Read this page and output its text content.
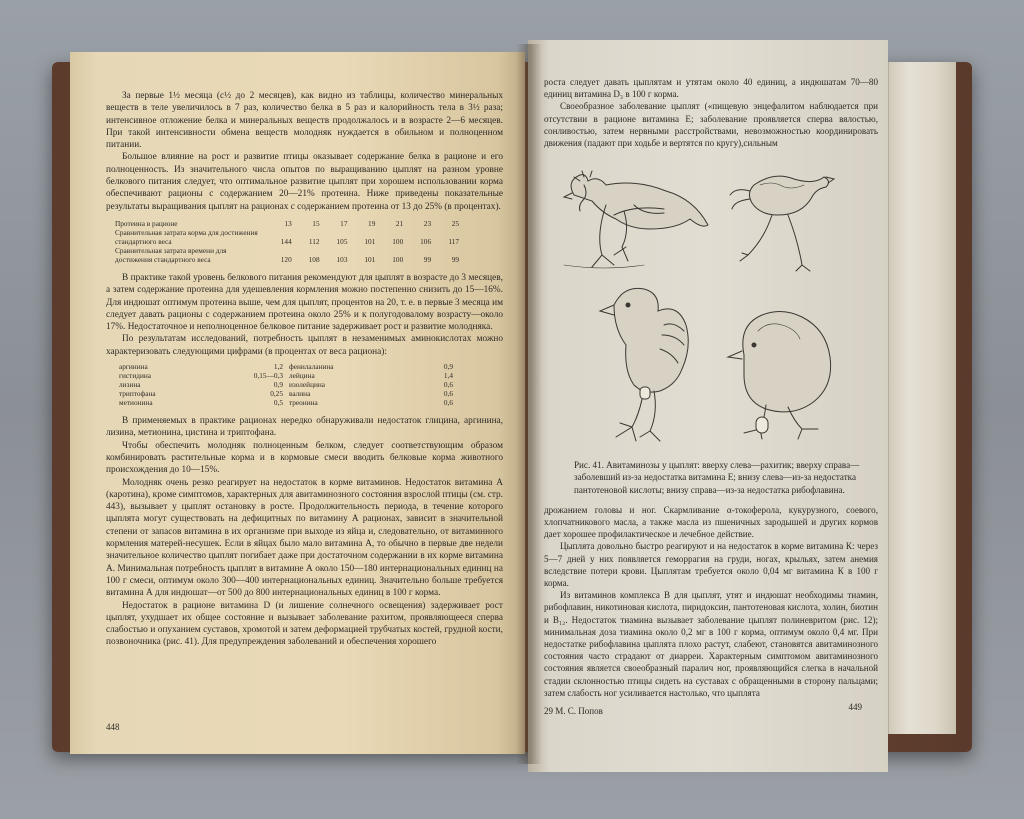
За первые 1½ месяца (с½ до 2 месяцев), как видно из таблицы, количество минеральных веществ в теле увеличилось в 7 раз, количество белка в 5 раз и калорийность тела в 3½ раза; интенсивное отложение белка и минеральных веществ продолжалось и в возрасте 2—6 месяцев. При такой интенсивности обмена веществ молодняк нуждается в обильном и полноценном питании.

Большое влияние на рост и развитие птицы оказывает содержание белка в рационе и его полноценность. Из значительного числа опытов по выращиванию цыплят на разном уровне белкового питания следует, что оптимальное развитие цыплят при хорошем использовании корма обеспечивают рационы с содержанием 20—21% протеина. Ниже приведены показательные результаты выращивания цыплят на рационах с содержанием протеина от 13 до 25% (в процентах).

Протеина в рационе	13	15	17	19	21	23	25
Сравнительная затрата корма для достижения стандартного веса	144	112	105	101	100	106	117
Сравнительная затрата времени для достижения стандартного веса	120	108	103	101	100	99	99

В практике такой уровень белкового питания рекомендуют для цыплят в возрасте до 3 месяцев, а затем содержание протеина для удешевления кормления можно постепенно снизить до 15—16%. Для индюшат оптимум протеина выше, чем для цыплят, процентов на 20, т. е. в первые 3 месяца им следует давать рационы с содержанием протеина около 25% и к полугодовалому возрасту—около 17%. Недостаточное и неполноценное белковое питание задерживает рост и развитие молодняка.

По результатам исследований, потребность цыплят в незаменимых аминокислотах можно характеризовать следующими цифрами (в процентах от веса рациона):

аргинина	1,2	фенилаланина	0,9
гистидина	0,15—0,3	лейцина	1,4
лизина	0,9	изолейцина	0,6
триптофана	0,25	валина	0,6
метионина	0,5	треонина	0,6

В применяемых в практике рационах нередко обнаруживали недостаток глицина, аргинина, лизина, метионина, цистина и триптофана.

Чтобы обеспечить молодняк полноценным белком, следует соответствующим образом комбинировать растительные корма и в кормовые смеси вводить белковые корма животного происхождения до 10—15%.

Молодняк очень резко реагирует на недостаток в корме витаминов. Недостаток витамина А (каротина), кроме симптомов, характерных для авитаминозного состояния взрослой птицы (см. стр. 443), вызывает у цыплят остановку в росте. Продолжительность периода, в течение которого цыплята могут существовать на дефицитных по витамину А рационах, зависит в значительной степени от запасов витамина в их организме при выходе из яйца и, следовательно, от витаминного кормления матерей-несушек. Если в яйцах было мало витамина А, то обычно в первые две недели значительное количество цыплят погибает даже при достаточном содержании в их корме витамина А. Минимальная потребность цыплят в витамине А около 150—180 интернациональных единиц на 100 г смеси, оптимум около 300—400 интернациональных единиц. Значительно больше требуется витамина А для индюшат—от 500 до 800 интернациональных единиц в 100 г корма.

Недостаток в рационе витамина D (и лишение солнечного освещения) задерживает рост цыплят, ухудшает их общее состояние и вызывает заболевание рахитом, проявляющееся сперва слабостью и опуханием суставов, хромотой и затем деформацией трубчатых костей, грудной кости, позвоночника (рис. 41). Для предупреждения заболеваний и обеспечения хорошего

448

роста следует давать цыплятам и утятам около 40 единиц, а индюшатам 70—80 единиц витамина D₃ в 100 г корма.

Своеобразное заболевание цыплят («пищевую энцефалитом наблюдается при отсутствии в рационе витамина Е; заболевание проявляется сперва вялостью, сонливостью, затем нервными расстройствами, невозможностью координировать движения (падают при ходьбе и вертятся по кругу),сильным

Рис. 41. Авитаминозы у цыплят: вверху слева—рахитик; вверху справа—заболевший из-за недостатка витамина Е; внизу слева—из-за недостатка пантотеновой кислоты; внизу справа—из-за недостатка рибофлавина.

дрожанием головы и ног. Скармливание α-токоферола, кукурузного, соевого, хлопчатникового масла, а также масла из пшеничных зародышей и других кормов дает хорошее профилактическое и лечебное действие.

Цыплята довольно быстро реагируют и на недостаток в корме витамина К: через 5—7 дней у них появляется геморрагия на груди, ногах, крыльях, затем анемия вследствие потери крови. Цыплятам требуется около 0,04 мг витамина К в 100 г корма.

Из витаминов комплекса В для цыплят, утят и индюшат необходимы тиамин, рибофлавин, никотиновая кислота, пиридоксин, пантотеновая кислота, холин, биотин и B₁₂. Недостаток тиамина вызывает заболевание цыплят полиневритом (рис. 12); минимальная доза тиамина около 0,2 мг в 100 г корма, оптимум около 0,4 мг. При недостатке рибофлавина цыплята плохо растут, слабеют, становятся авитаминозного состояния часто страдают от диарреи. Характерным симптомом авитаминозного состояния является своеобразный паралич ног, проявляющийся слегка в начальной стадии склонностью птицы сидеть на суставах с обращенными в сторону пальцами; затем слабость ног усиливается настолько, что цыплята

29 М. С. Попов	449
